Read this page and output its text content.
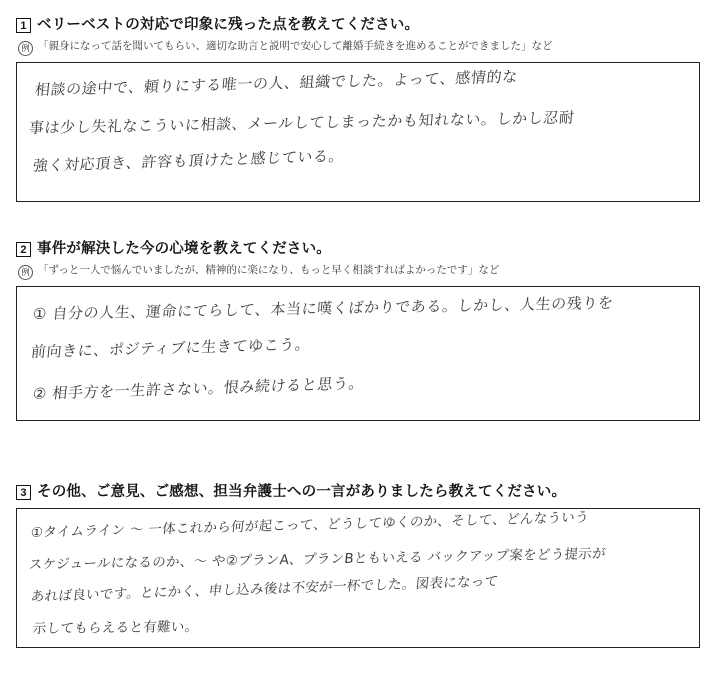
1 ベリーベストの対応で印象に残った点を教えてください。
例 「親身になって話を聞いてもらい、適切な助言と説明で安心して離婚手続きを進めることができました」など
相談の途中で、頼りにする唯一の人、組織でした。よって、感情的な
事は少し失礼なこういに相談、メールしてしまったかも知れない。しかし忍耐
強く対応頂き、許容も頂けたと感じている。
2 事件が解決した今の心境を教えてください。
例 「ずっと一人で悩んでいましたが、精神的に楽になり、もっと早く相談すればよかったです」など
① 自分の人生、運命にてらして、本当に嘆くばかりである。しかし、人生の残りを
前向きに、ポジティブに生きてゆこう。
② 相手方を一生許さない。恨み続けると思う。
3 その他、ご意見、ご感想、担当弁護士への一言がありましたら教えてください。
①タイムライン 〜 一体これから何が起こって、どうしてゆくのか、そして、どんなういう
スケジュールになるのか、〜 や②プランA、プランBともいえる バックアップ案をどう提示が
あれば良いです。とにかく、申し込み後は不安が一杯でした。図表になって
示してもらえると有難い。
